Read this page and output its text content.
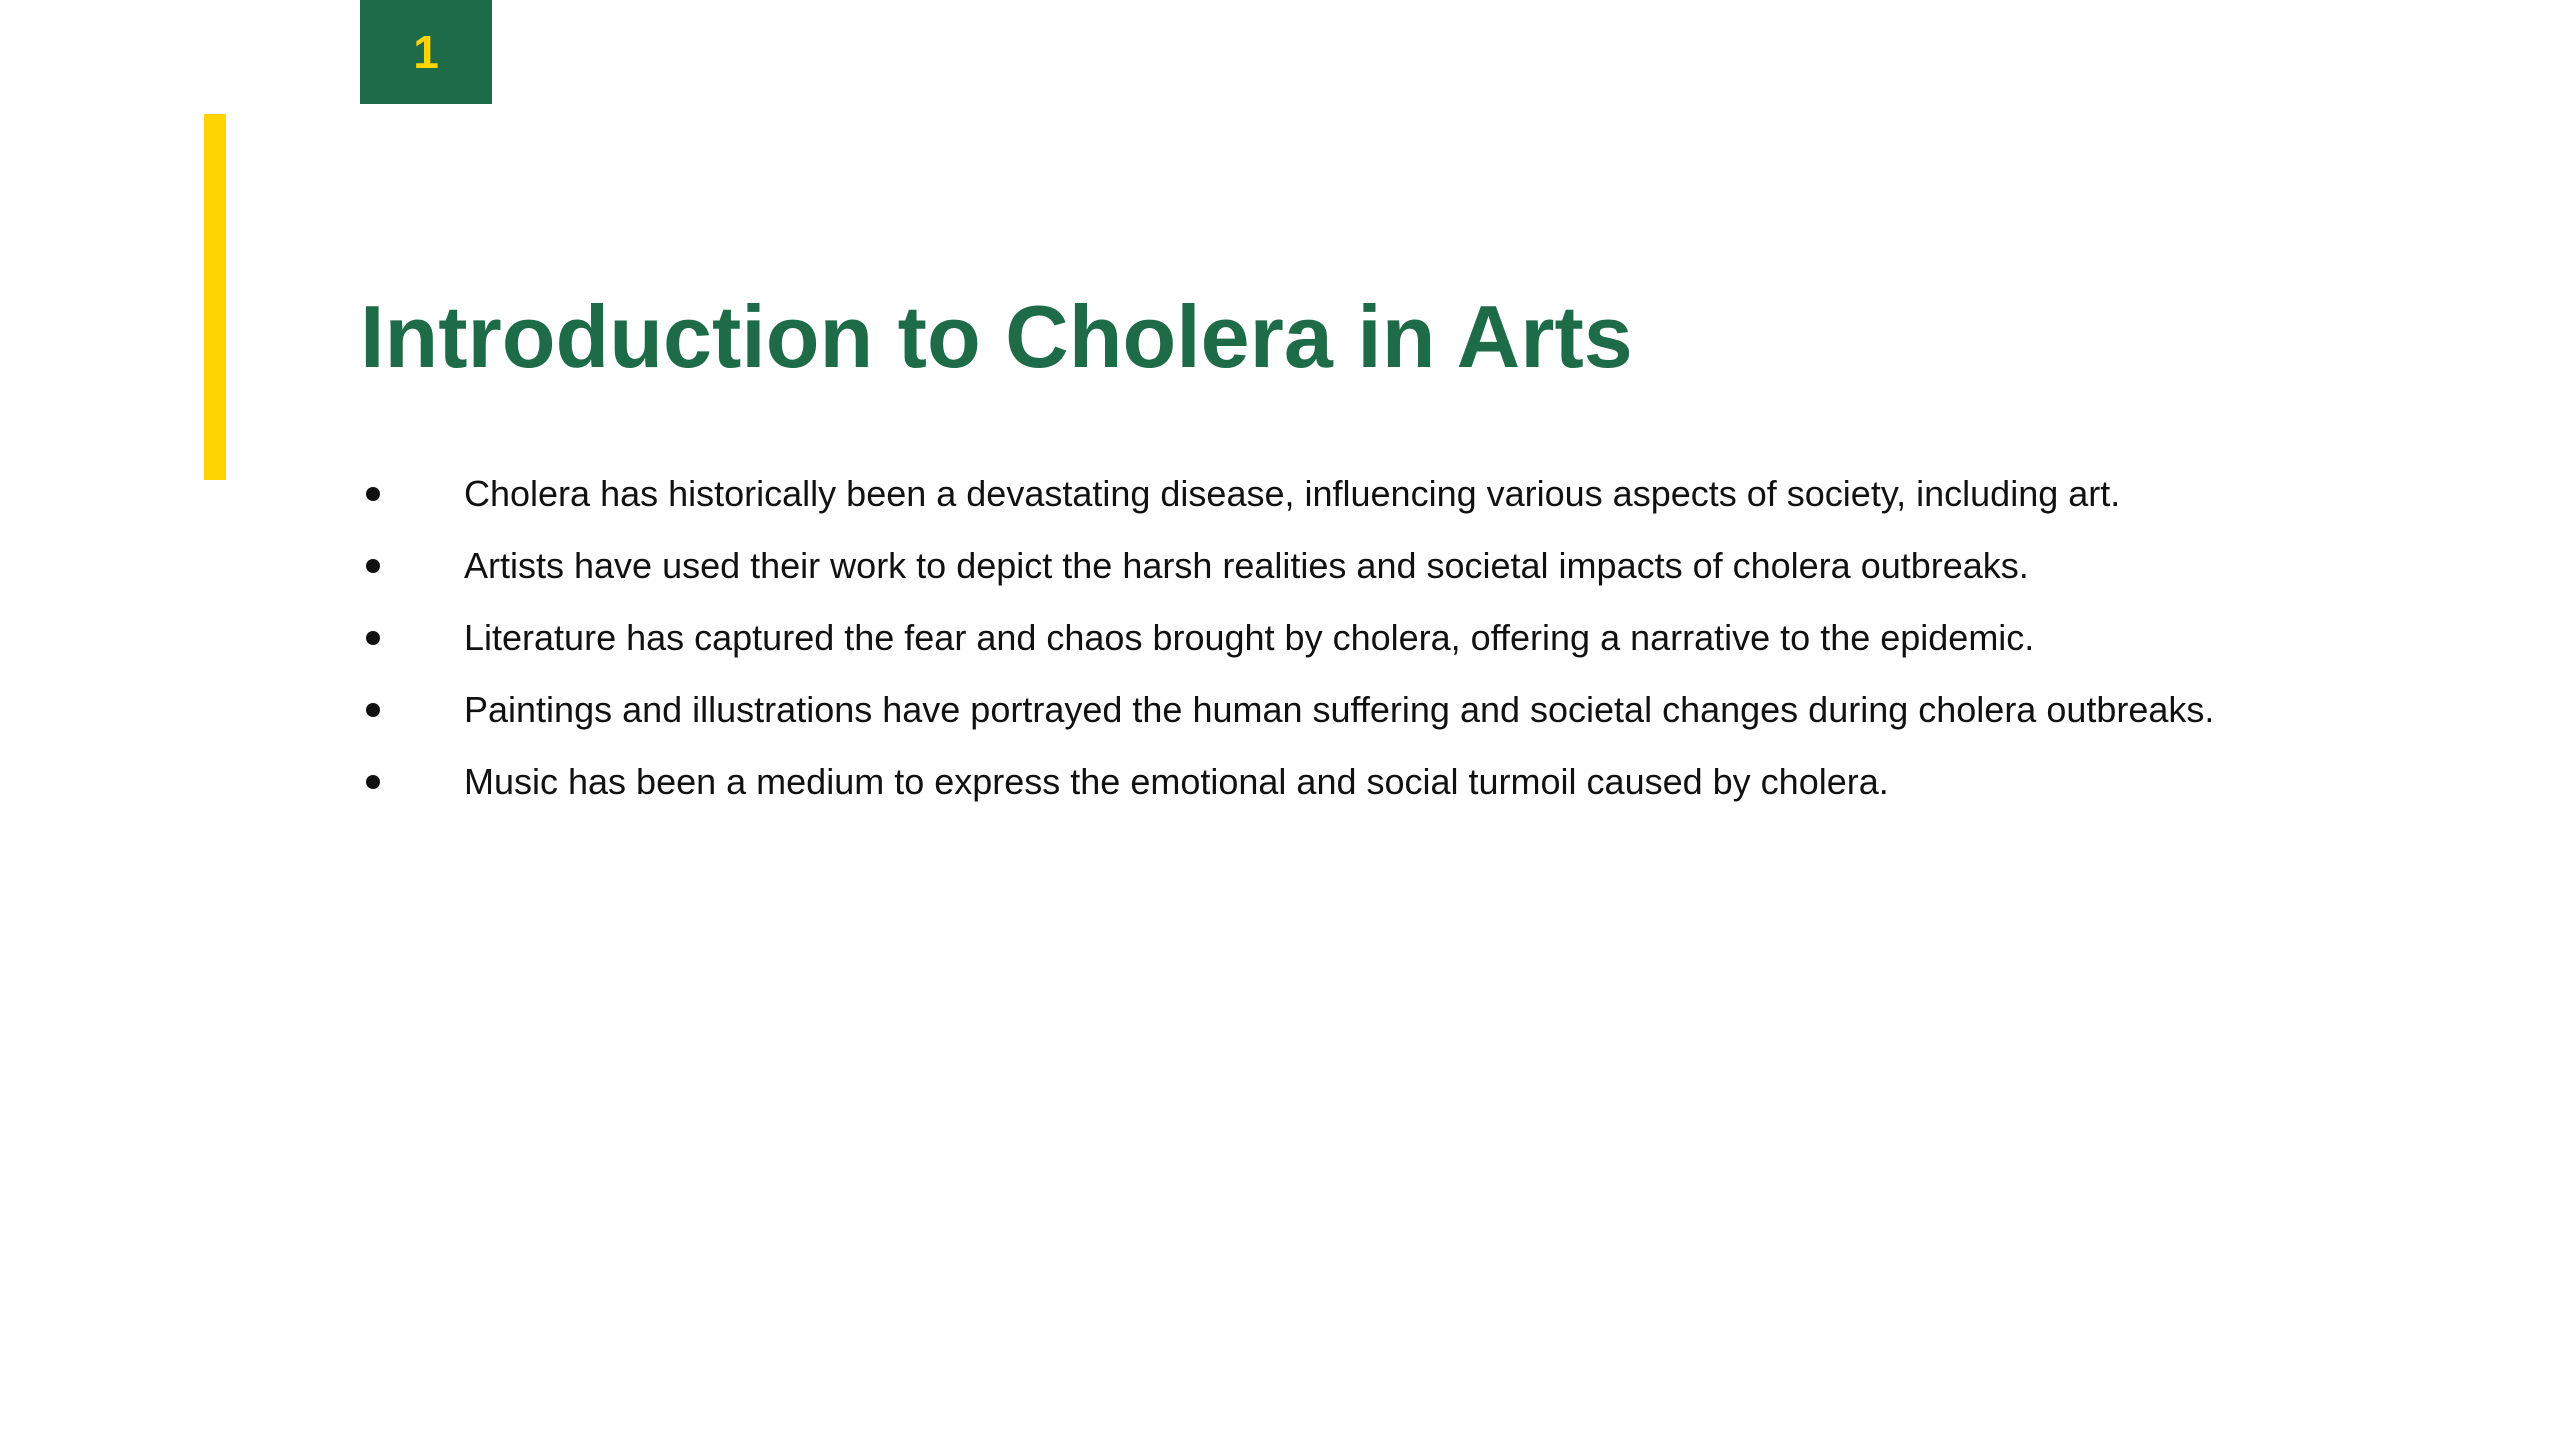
1
Introduction to Cholera in Arts
Cholera has historically been a devastating disease, influencing various aspects of society, including art.
Artists have used their work to depict the harsh realities and societal impacts of cholera outbreaks.
Literature has captured the fear and chaos brought by cholera, offering a narrative to the epidemic.
Paintings and illustrations have portrayed the human suffering and societal changes during cholera outbreaks.
Music has been a medium to express the emotional and social turmoil caused by cholera.
